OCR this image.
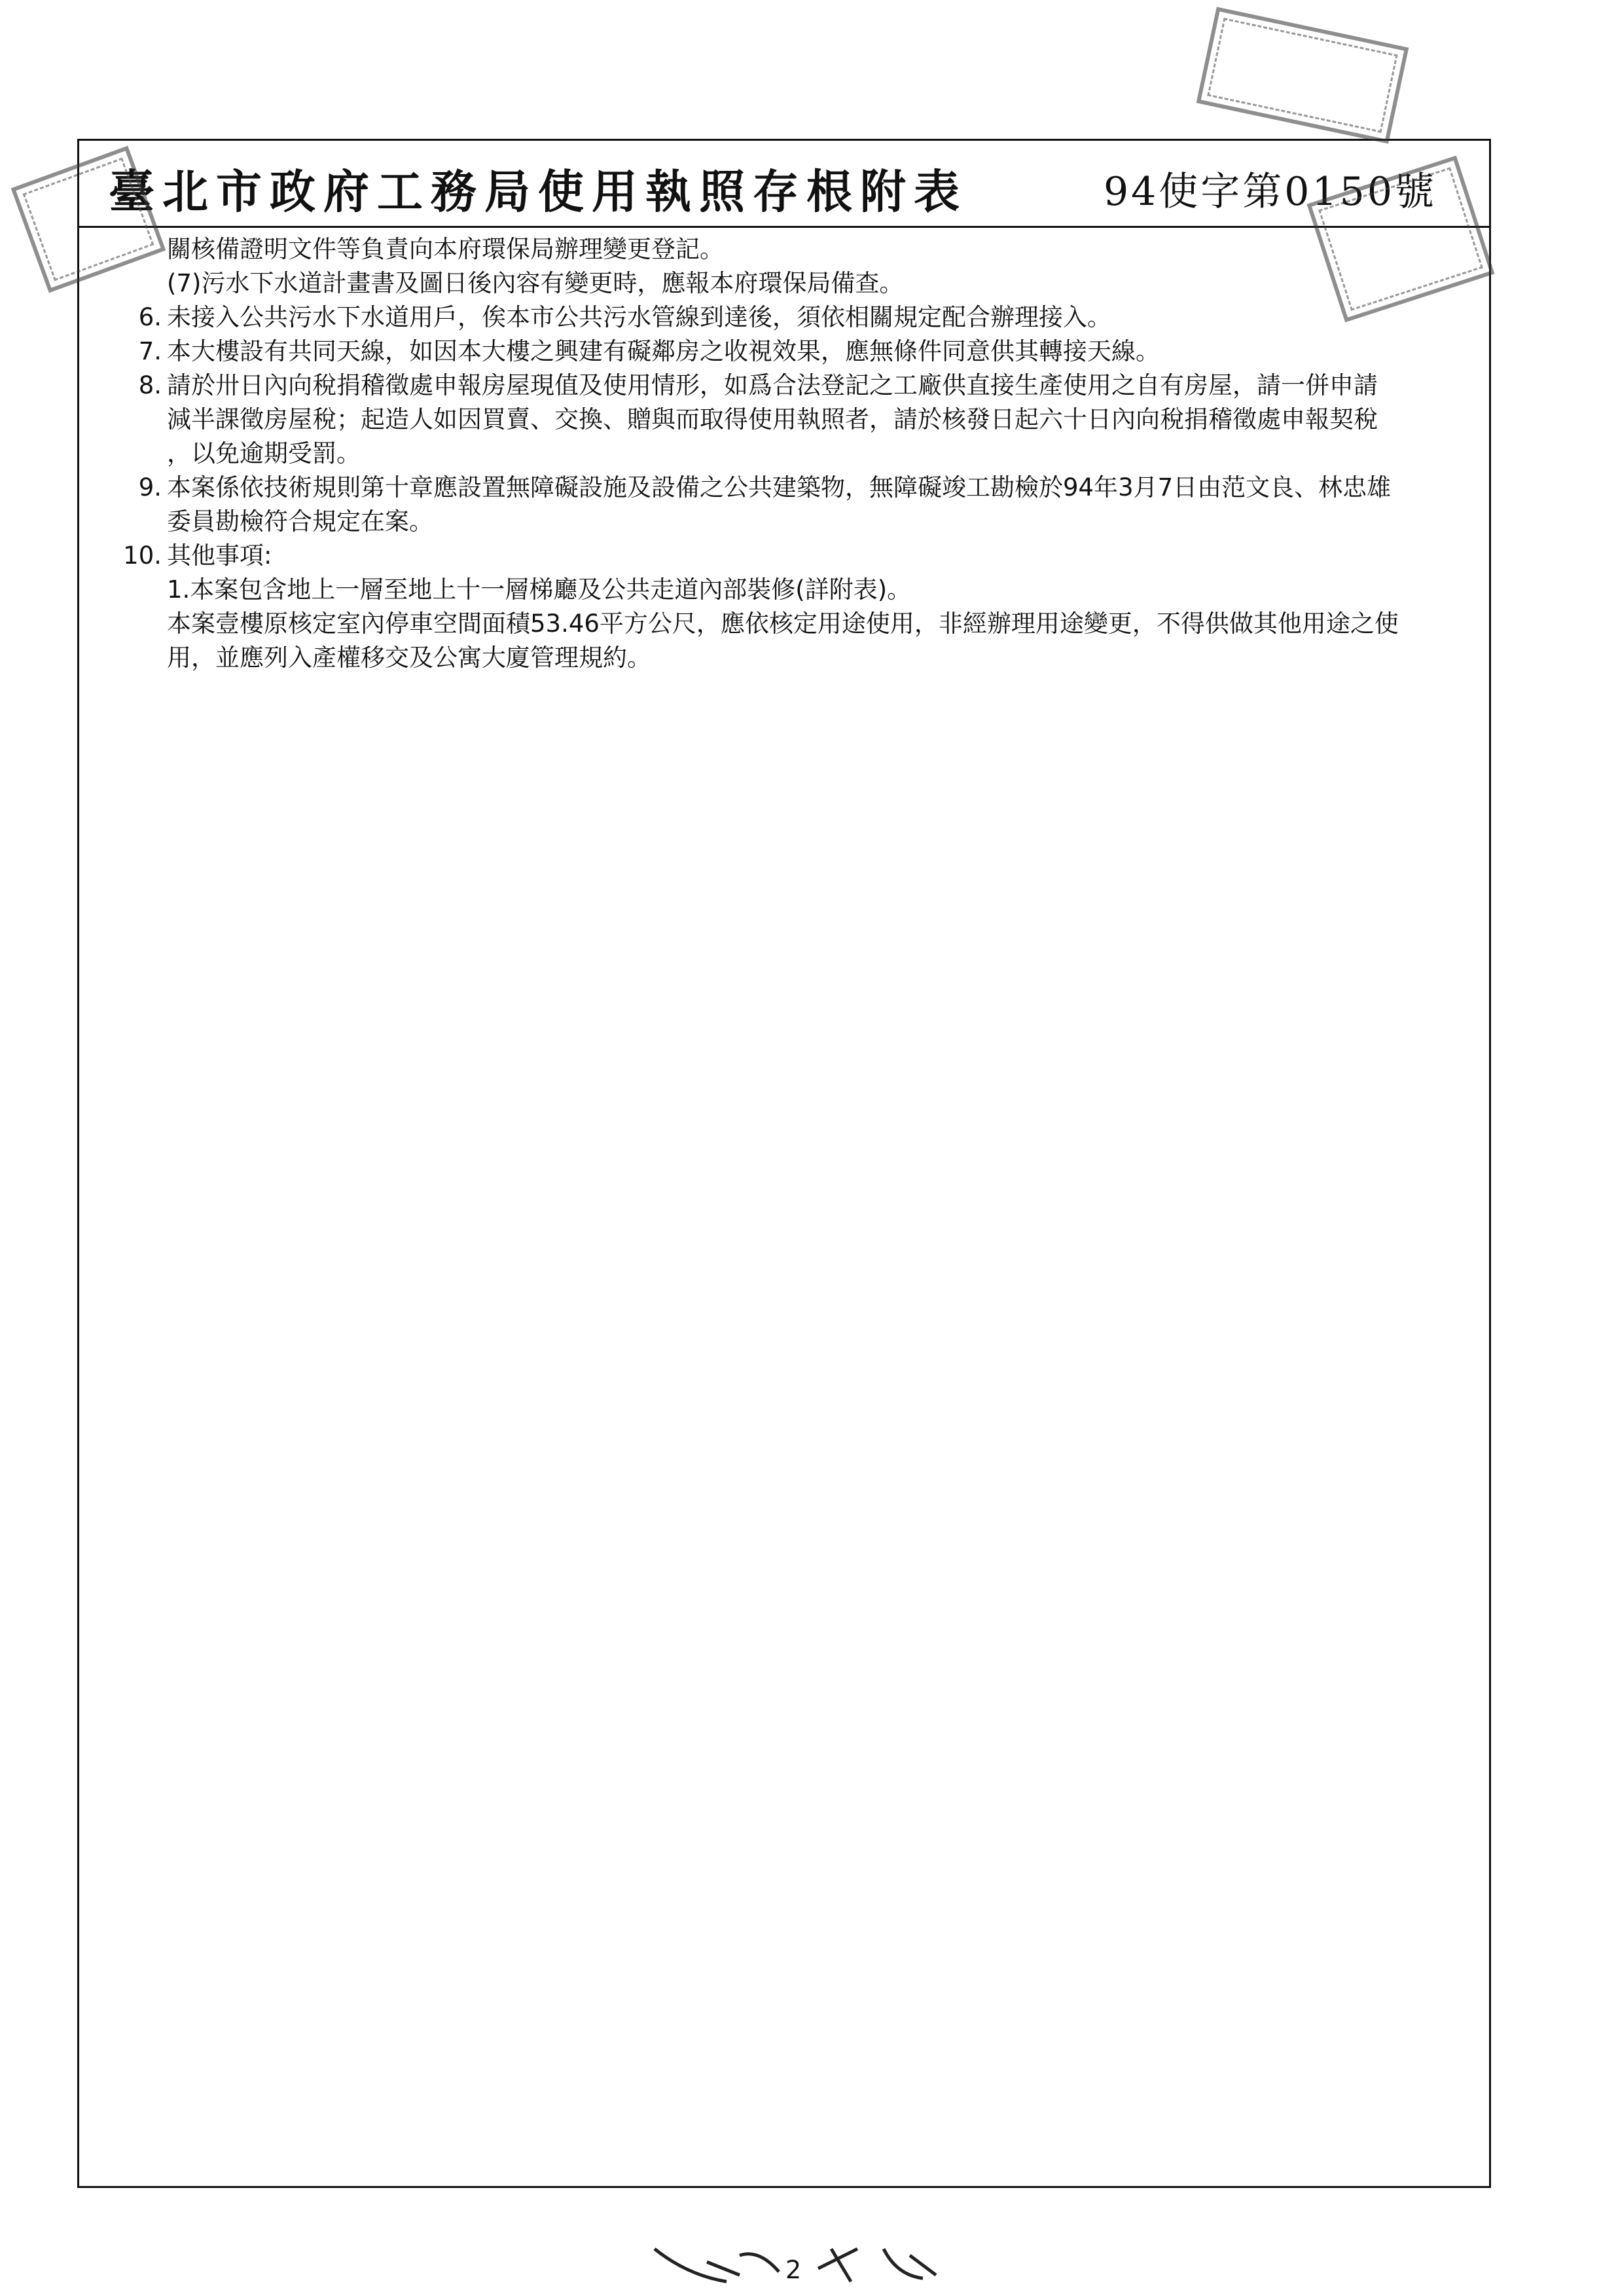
臺北市政府工務局使用執照存根附表	94使字第0150號
關核備證明文件等負責向本府環保局辦理變更登記。
(7)污水下水道計畫書及圖日後內容有變更時，應報本府環保局備查。
6. 未接入公共污水下水道用戶，俟本市公共污水管線到達後，須依相關規定配合辦理接入。
7. 本大樓設有共同天線，如因本大樓之興建有礙鄰房之收視效果，應無條件同意供其轉接天線。
8. 請於卅日內向稅捐稽徵處申報房屋現值及使用情形，如爲合法登記之工廠供直接生產使用之自有房屋，請一併申請
減半課徵房屋稅；起造人如因買賣、交換、贈與而取得使用執照者，請於核發日起六十日內向稅捐稽徵處申報契稅
，以免逾期受罰。
9. 本案係依技術規則第十章應設置無障礙設施及設備之公共建築物，無障礙竣工勘檢於94年3月7日由范文良、林忠雄
委員勘檢符合規定在案。
10. 其他事項:
1.本案包含地上一層至地上十一層梯廳及公共走道內部裝修(詳附表)。
本案壹樓原核定室內停車空間面積53.46平方公尺，應依核定用途使用，非經辦理用途變更，不得供做其他用途之使
用，並應列入產權移交及公寓大廈管理規約。
2
